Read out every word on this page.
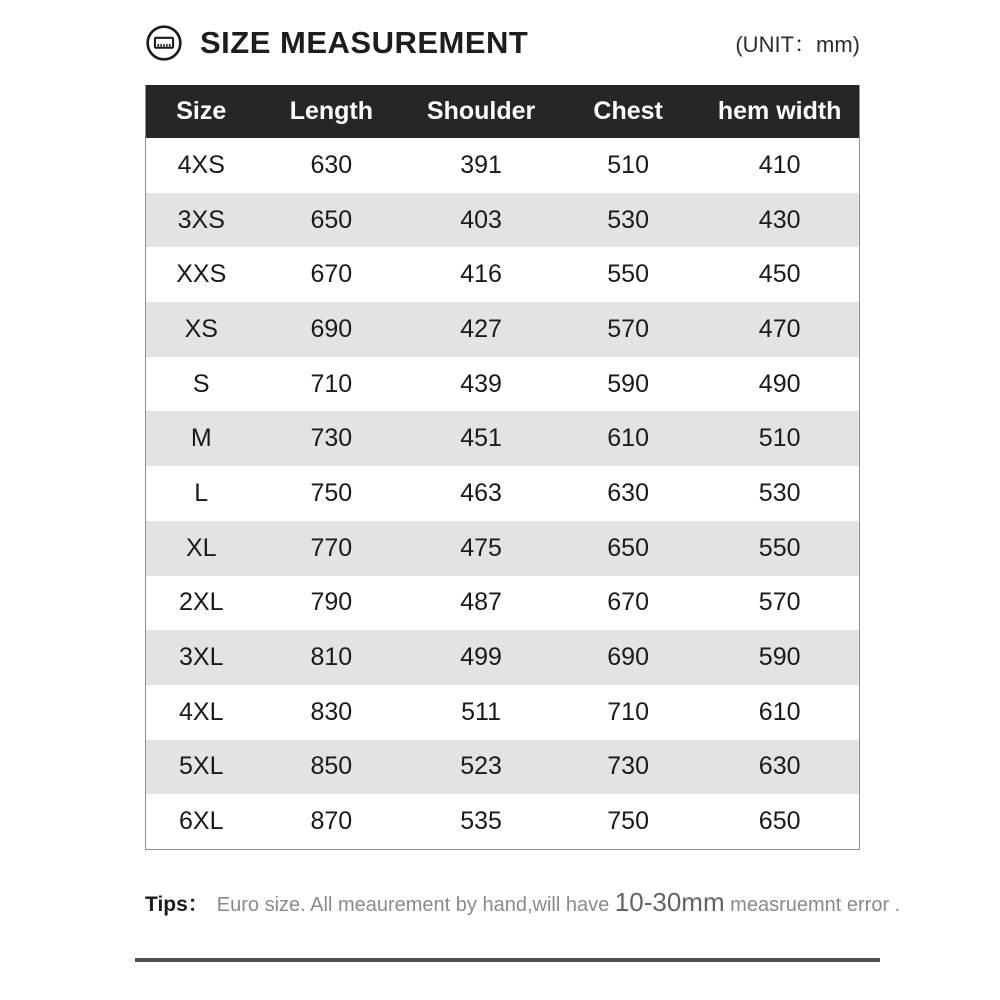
SIZE MEASUREMENT	(UNIT：mm)
Size	Length	Shoulder	Chest	hem width
4XS	630	391	510	410
3XS	650	403	530	430
XXS	670	416	550	450
XS	690	427	570	470
S	710	439	590	490
M	730	451	610	510
L	750	463	630	530
XL	770	475	650	550
2XL	790	487	670	570
3XL	810	499	690	590
4XL	830	511	710	610
5XL	850	523	730	630
6XL	870	535	750	650

Tips： Euro size. All meaurement by hand,will have 10-30mm measruemnt error .
